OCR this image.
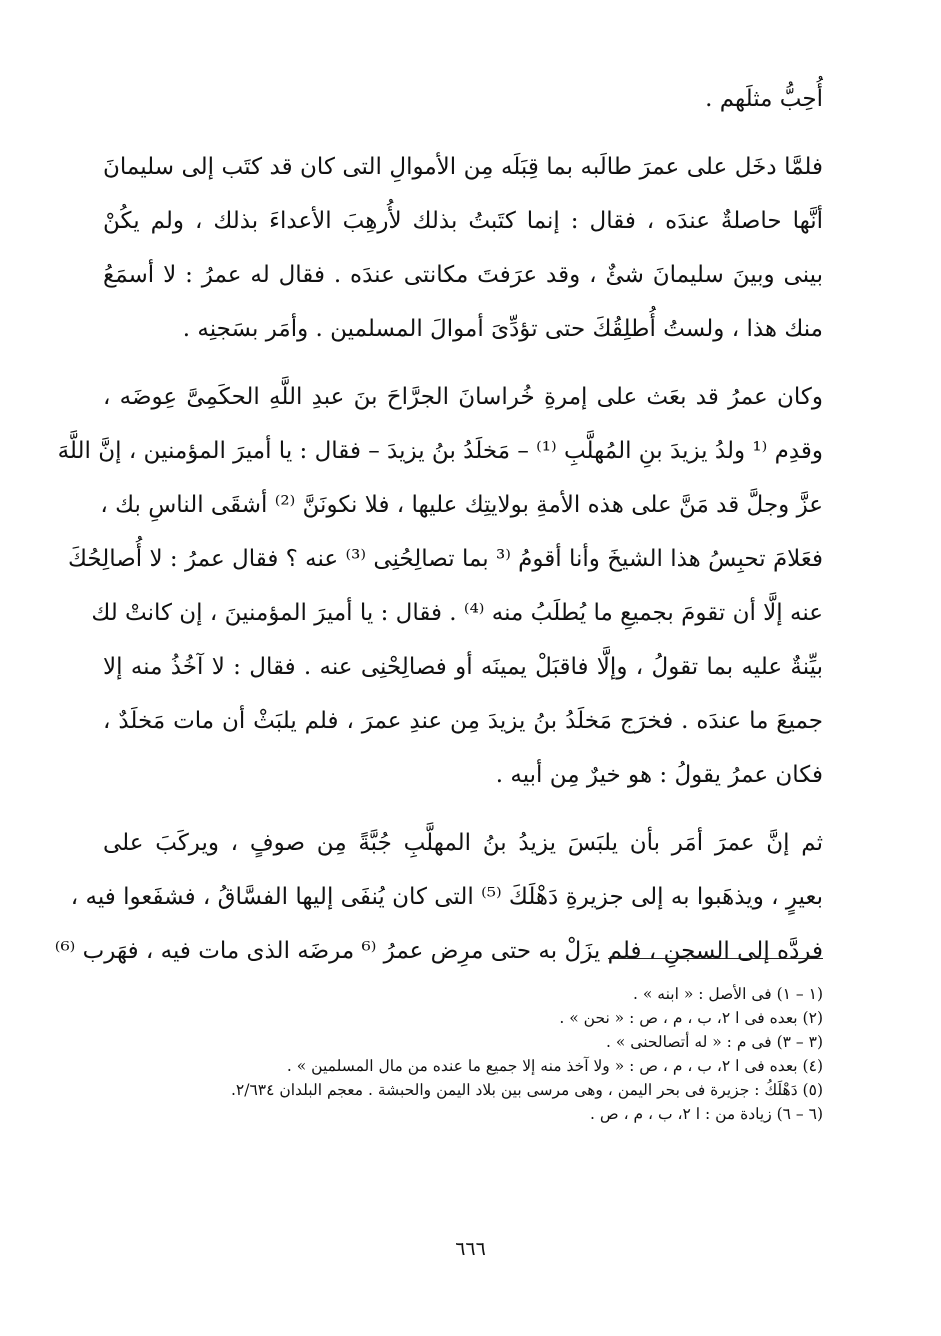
أُحِبُّ مثلَهم .
فلمَّا دخَل على عمرَ طالَبه بما قِبَلَه مِن الأموالِ التى كان قد كتَب إلى سليمانَ
أنَّها حاصلةٌ عندَه ، فقال : إنما كتَبتُ بذلك لأُرهِبَ الأعداءَ بذلك ، ولم يكُنْ
بينى وبينَ سليمانَ شئٌ ، وقد عرَفتَ مكانتى عندَه . فقال له عمرُ : لا أسمَعُ
منك هذا ، ولستُ أُطلِقُكَ حتى تؤدِّىَ أموالَ المسلمين . وأمَر بسَجنِه .
وكان عمرُ قد بعَث على إمرةِ خُراسانَ الجرَّاحَ بنَ عبدِ اللَّهِ الحكَمِىَّ عِوضَه ،
وقدِم ⁽¹ ولدُ يزيدَ بنِ المُهلَّبِ ⁽¹⁾ – مَخلَدُ بنُ يزيدَ – فقال : يا أميرَ المؤمنين ، إنَّ اللَّهَ
عزَّ وجلَّ قد مَنَّ على هذه الأمةِ بولايتِك عليها ، فلا نكونَنَّ ⁽²⁾ أشقَى الناسِ بك ،
فعَلامَ تحبِسُ هذا الشيخَ وأنا أقومُ ⁽³ بما تصالِحُنِى ⁽³⁾ عنه ؟ فقال عمرُ : لا أُصالِحُكَ
عنه إلَّا أن تقومَ بجميعِ ما يُطلَبُ منه ⁽⁴⁾ . فقال : يا أميرَ المؤمنينَ ، إن كانتْ لك
بيِّنةٌ عليه بما تقولُ ، وإلَّا فاقبَلْ يمينَه أو فصالِحْنِى عنه . فقال : لا آخُذُ منه إلا
جميعَ ما عندَه . فخرَج مَخلَدُ بنُ يزيدَ مِن عندِ عمرَ ، فلم يلبَثْ أن مات مَخلَدٌ ،
فكان عمرُ يقولُ : هو خيرٌ مِن أبيه .
ثم إنَّ عمرَ أمَر بأن يلبَسَ يزيدُ بنُ المهلَّبِ جُبَّةً مِن صوفٍ ، ويركَبَ على
بعيرٍ ، ويذهَبوا به إلى جزيرةِ دَهْلَكَ ⁽⁵⁾ التى كان يُنفَى إليها الفسَّاقُ ، فشفَعوا فيه ،
فردَّه إلى السجنِ ، فلم يزَلْ به حتى مرِض عمرُ ⁽⁶ مرضَه الذى مات فيه ، فهَرب ⁽⁶⁾
(١ – ١) فى الأصل : « ابنه » .
(٢) بعده فى ا ٢، ب ، م ، ص : « نحن » .
(٣ – ٣) فى م : « له أتصالحنى » .
(٤) بعده فى ا ٢، ب ، م ، ص : « ولا آخذ منه إلا جميع ما عنده من مال المسلمين » .
(٥) دَهْلَكُ : جزيرة فى بحر اليمن ، وهى مرسى بين بلاد اليمن والحبشة . معجم البلدان ٢/٦٣٤.
(٦ – ٦) زيادة من : ا ٢، ب ، م ، ص .
٦٦٦
